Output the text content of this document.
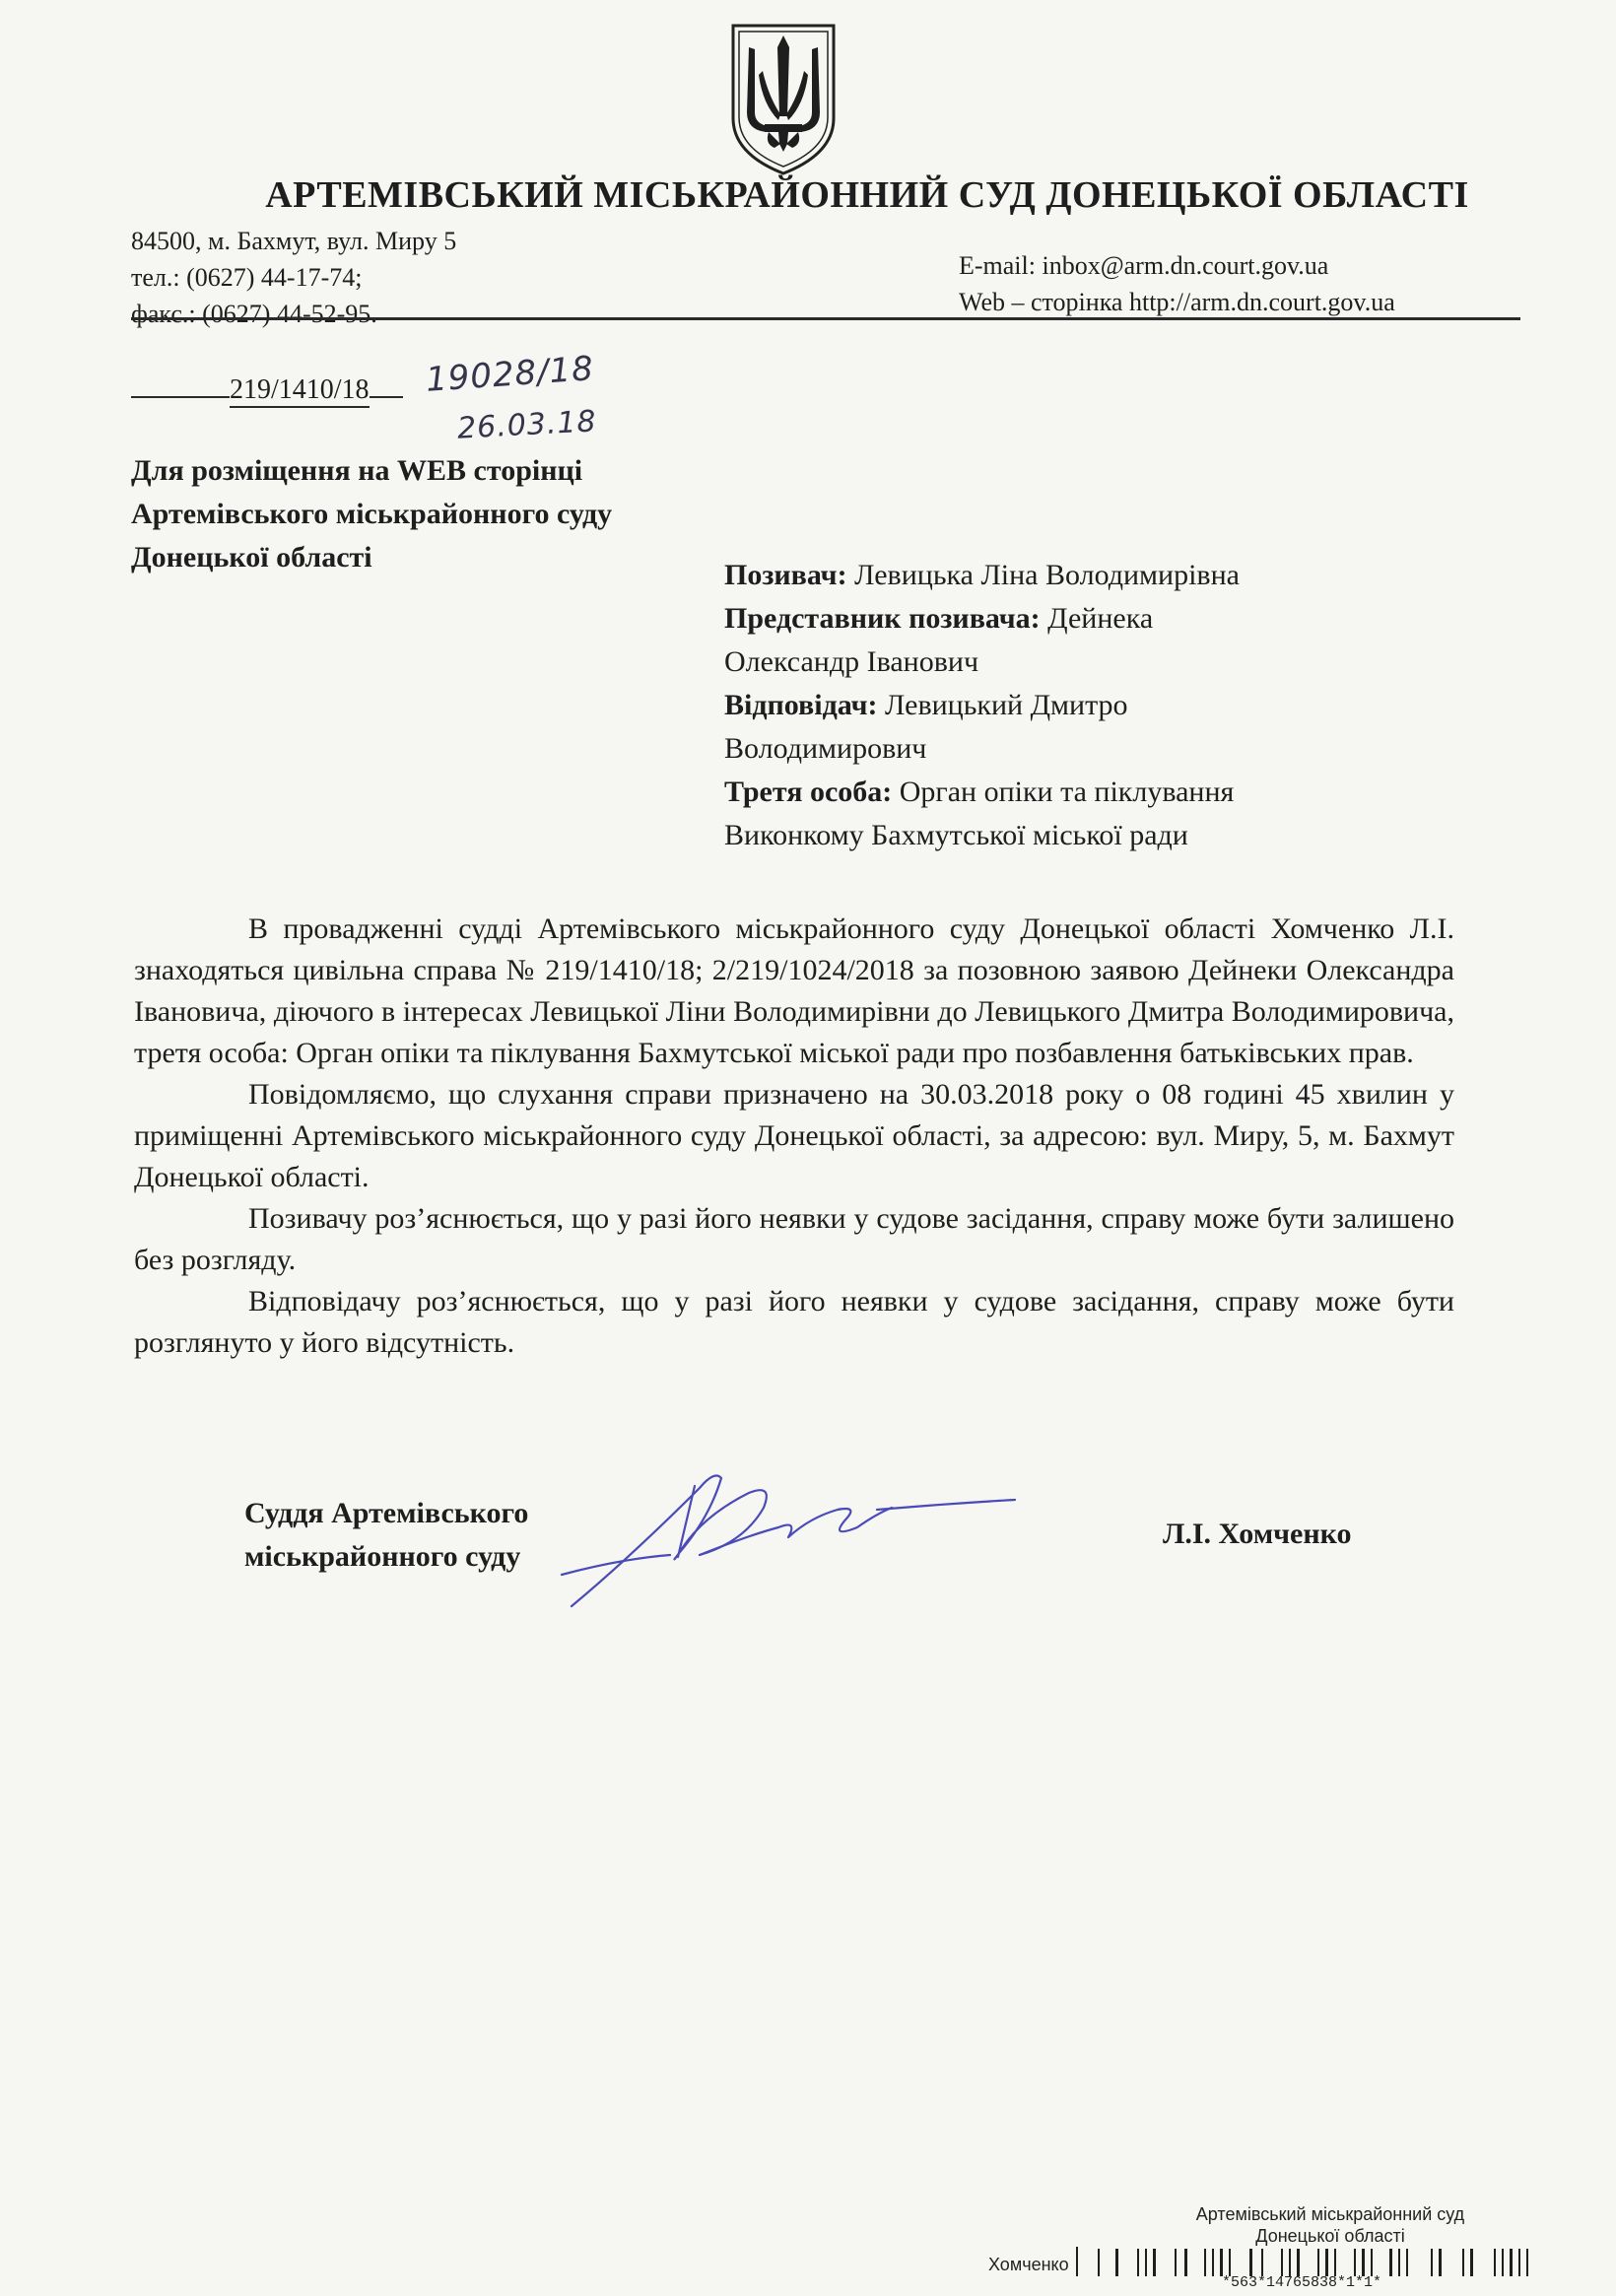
АРТЕМІВСЬКИЙ МІСЬКРАЙОННИЙ СУД ДОНЕЦЬКОЇ ОБЛАСТІ
84500, м. Бахмут, вул. Миру 5
тел.: (0627) 44-17-74;
факс.: (0627) 44-52-95.
E-mail: inbox@arm.dn.court.gov.ua
Web – сторінка http://arm.dn.court.gov.ua
219/1410/18	19028/18
26.03.18
Для розміщення на WEB сторінці
Артемівського міськрайонного суду
Донецької області
Позивач: Левицька Ліна Володимирівна
Представник позивача: Дейнека
Олександр Іванович
Відповідач: Левицький Дмитро
Володимирович
Третя особа: Орган опіки та піклування
Виконкому Бахмутської міської ради

В провадженні судді Артемівського міськрайонного суду Донецької області Хомченко Л.І. знаходяться цивільна справа № 219/1410/18; 2/219/1024/2018 за позовною заявою Дейнеки Олександра Івановича, діючого в інтересах Левицької Ліни Володимирівни до Левицького Дмитра Володимировича, третя особа: Орган опіки та піклування Бахмутської міської ради про позбавлення батьківських прав.

Повідомляємо, що слухання справи призначено на 30.03.2018 року о 08 годині 45 хвилин у приміщенні Артемівського міськрайонного суду Донецької області, за адресою: вул. Миру, 5, м. Бахмут Донецької області.

Позивачу роз’яснюється, що у разі його неявки у судове засідання, справу може бути залишено без розгляду.

Відповідачу роз’яснюється, що у разі його неявки у судове засідання, справу може бути розглянуто у його відсутність.

Суддя Артемівського
міськрайонного суду
Л.І. Хомченко
Артемівський міськрайонний суд
Донецької області
Хомченко
*563*14765838*1*1*
